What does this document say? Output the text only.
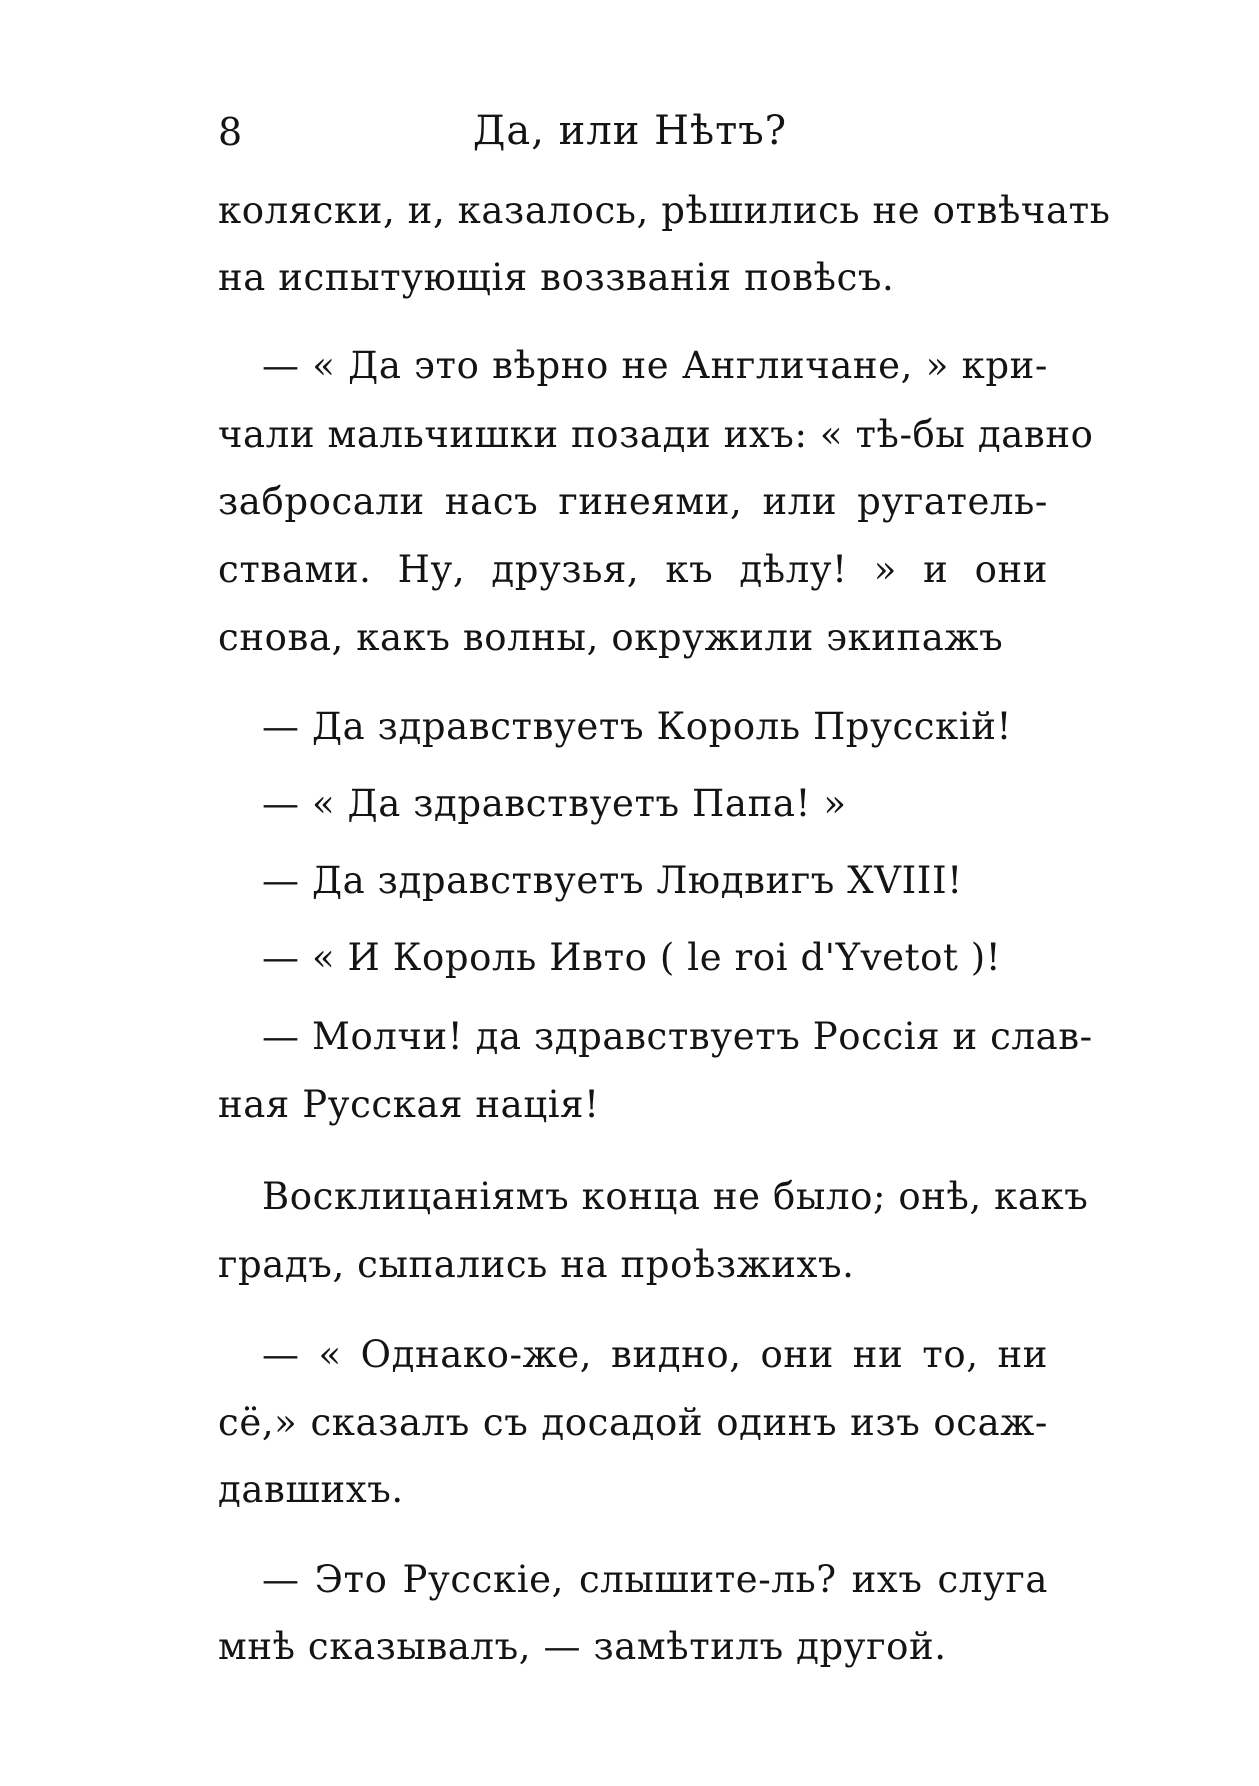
8	Да, или Нѣтъ?
коляски, и, казалось, рѣшились не отвѣчать
на испытующія воззванія повѣсъ.
— « Да это вѣрно не Англичане, » кри-
чали мальчишки позади ихъ: « тѣ-бы давно
забросали насъ гинеями, или ругатель-
ствами. Ну, друзья, къ дѣлу! » и они
снова, какъ волны, окружили экипажъ
— Да здравствуетъ Король Прусскій!
— « Да здравствуетъ Папа! »
— Да здравствуетъ Людвигъ XVIII!
— « И Король Ивто ( le roi d'Yvetot )!
— Молчи! да здравствуетъ Россія и слав-
ная Русская нація!
Восклицаніямъ конца не было; онѣ, какъ
градъ, сыпались на проѣзжихъ.
— « Однако-же, видно, они ни то, ни
сё,» сказалъ съ досадой одинъ изъ осаж-
давшихъ.
— Это Русскіе, слышите-ль? ихъ слуга
мнѣ сказывалъ, — замѣтилъ другой.
